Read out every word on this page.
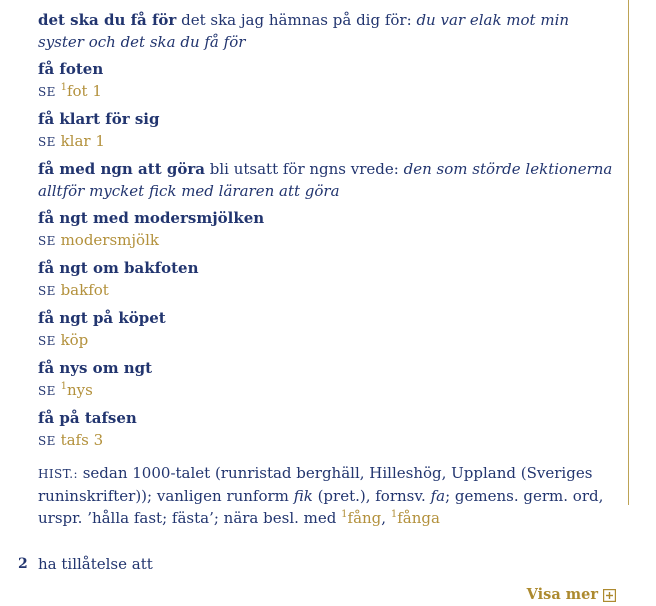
det ska du få för det ska jag hämnas på dig för: du var elak mot min syster och det ska du få för

få foten

SE $^1$fot 1

få klart för sig

SE klar 1

få med ngn att göra bli utsatt för ngns vrede: den som störde lektionerna alltför mycket fick med läraren att göra

få ngt med modersmjölken

SE modersmjölk

få ngt om bakfoten

SE bakfot

få ngt på köpet

SE köp

få nys om ngt

SE $^1$nys

få på tafsen

SE tafs 3

HIST.: sedan 1000-talet (runristad berghäll, Hilleshög, Uppland (Sveriges runinskrifter)); vanligen runform fik (pret.), fornsv. fa; gemens. germ. ord, urspr. ’hålla fast; fästa’; nära besl. med $^1$fång, $^1$fånga

2 ha tillåtelse att
Visa mer
